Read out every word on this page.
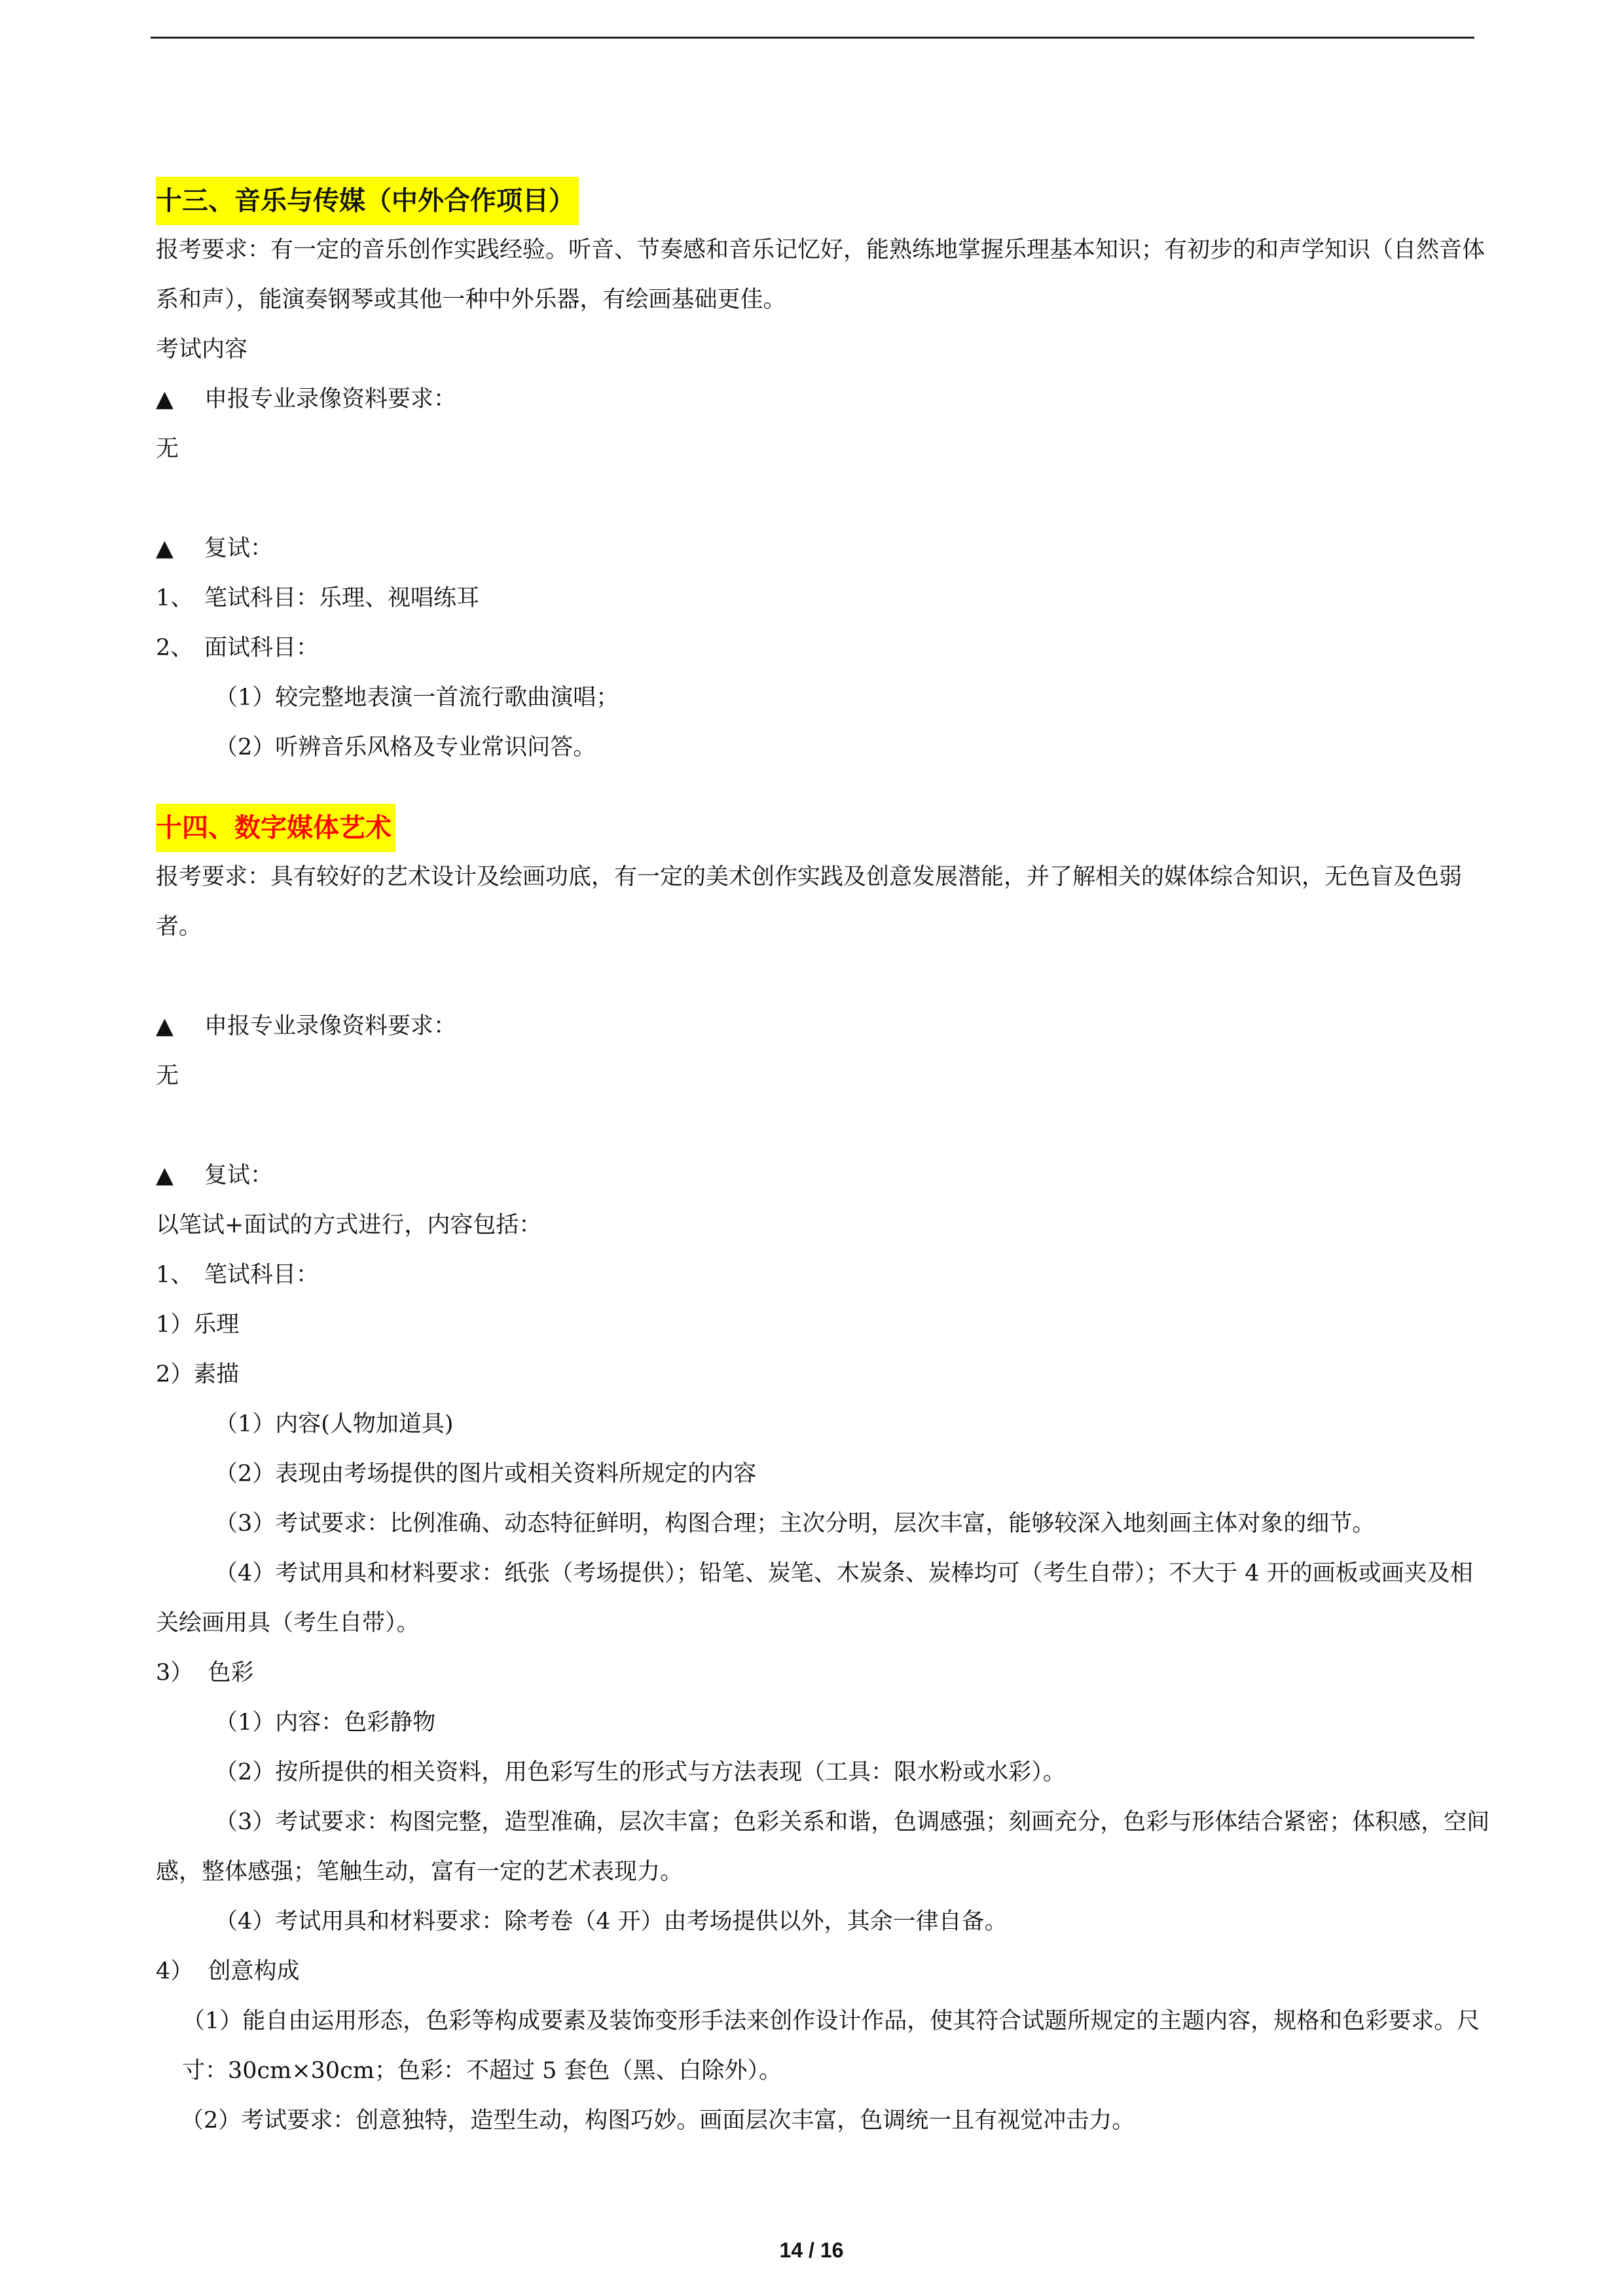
十三、音乐与传媒（中外合作项目）

报考要求：有一定的音乐创作实践经验。听音、节奏感和音乐记忆好，能熟练地掌握乐理基本知识；有初步的和声学知识（自然音体系和声），能演奏钢琴或其他一种中外乐器，有绘画基础更佳。

考试内容

▲ 申报专业录像资料要求：

无

▲ 复试：

1、 笔试科目：乐理、视唱练耳

2、 面试科目：

（1）较完整地表演一首流行歌曲演唱；

（2）听辨音乐风格及专业常识问答。

十四、数字媒体艺术

报考要求：具有较好的艺术设计及绘画功底，有一定的美术创作实践及创意发展潜能，并了解相关的媒体综合知识，无色盲及色弱者。

▲ 申报专业录像资料要求：

无

▲ 复试：

以笔试+面试的方式进行，内容包括：

1、 笔试科目：

1）乐理

2）素描

（1）内容(人物加道具)

（2）表现由考场提供的图片或相关资料所规定的内容

（3）考试要求：比例准确、动态特征鲜明，构图合理；主次分明，层次丰富，能够较深入地刻画主体对象的细节。

（4）考试用具和材料要求：纸张（考场提供）；铅笔、炭笔、木炭条、炭棒均可（考生自带）；不大于 4 开的画板或画夹及相关绘画用具（考生自带）。

3）  色彩

（1）内容：色彩静物

（2）按所提供的相关资料，用色彩写生的形式与方法表现（工具：限水粉或水彩）。

（3）考试要求：构图完整，造型准确，层次丰富；色彩关系和谐，色调感强；刻画充分，色彩与形体结合紧密；体积感，空间感，整体感强；笔触生动，富有一定的艺术表现力。

（4）考试用具和材料要求：除考卷（4 开）由考场提供以外，其余一律自备。

4）  创意构成

（1）能自由运用形态，色彩等构成要素及装饰变形手法来创作设计作品，使其符合试题所规定的主题内容，规格和色彩要求。尺寸：30cm×30cm；色彩：不超过 5 套色（黑、白除外）。

（2）考试要求：创意独特，造型生动，构图巧妙。画面层次丰富，色调统一且有视觉冲击力。

14 / 16
